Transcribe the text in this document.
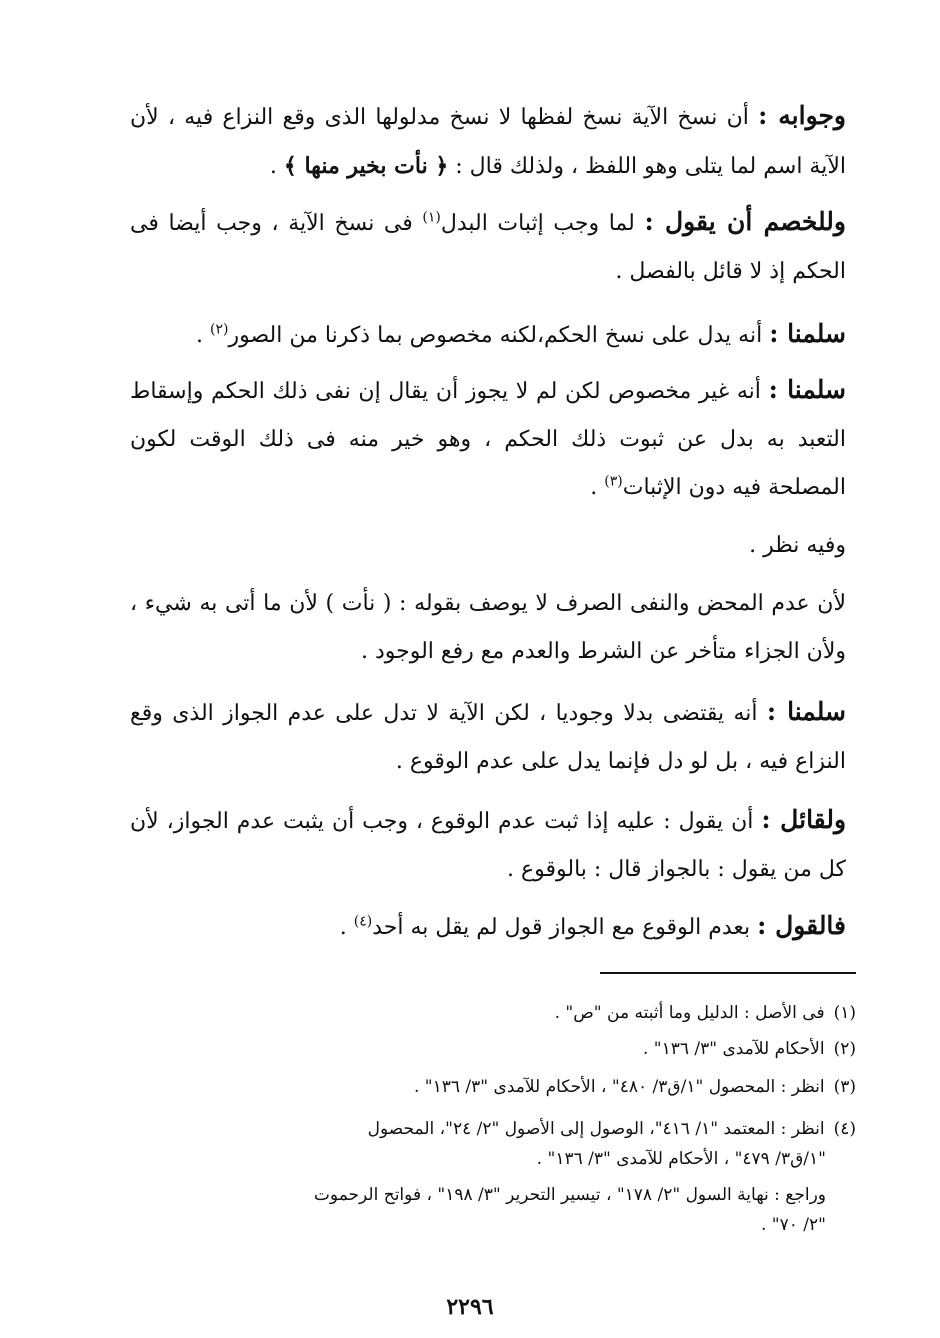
وجوابه : أن نسخ الآية نسخ لفظها لا نسخ مدلولها الذى وقع النزاع فيه ، لأن الآية اسم لما يتلى وهو اللفظ ، ولذلك قال : ﴿ نأت بخير منها ﴾ .

وللخصم أن يقول : لما وجب إثبات البدل$^{(١)}$ فى نسخ الآية ، وجب أيضا فى الحكم إذ لا قائل بالفصل .

سلمنا : أنه يدل على نسخ الحكم،لكنه مخصوص بما ذكرنا من الصور$^{(٢)}$ .

سلمنا : أنه غير مخصوص لكن لم لا يجوز أن يقال إن نفى ذلك الحكم وإسقاط التعبد به بدل عن ثبوت ذلك الحكم ، وهو خير منه فى ذلك الوقت لكون المصلحة فيه دون الإثبات$^{(٣)}$ .

وفيه نظر .

لأن عدم المحض والنفى الصرف لا يوصف بقوله : ( نأت ) لأن ما أتى به شيء ، ولأن الجزاء متأخر عن الشرط والعدم مع رفع الوجود .

سلمنا : أنه يقتضى بدلا وجوديا ، لكن الآية لا تدل على عدم الجواز الذى وقع النزاع فيه ، بل لو دل فإنما يدل على عدم الوقوع .

ولقائل : أن يقول : عليه إذا ثبت عدم الوقوع ، وجب أن يثبت عدم الجواز، لأن كل من يقول : بالجواز قال : بالوقوع .

فالقول : بعدم الوقوع مع الجواز قول لم يقل به أحد$^{(٤)}$ .

(١) فى الأصل : الدليل وما أثبته من "ص" .

(٢) الأحكام للآمدى "٣/ ١٣٦" .

(٣) انظر : المحصول "١/ق٣/ ٤٨٠" ، الأحكام للآمدى "٣/ ١٣٦" .

(٤) انظر : المعتمد "١/ ٤١٦"، الوصول إلى الأصول "٢/ ٢٤"، المحصول
"١/ق٣/ ٤٧٩" ، الأحكام للآمدى "٣/ ١٣٦" .
وراجع : نهاية السول "٢/ ١٧٨" ، تيسير التحرير "٣/ ١٩٨" ، فواتح الرحموت
"٢/ ٧٠" .
٢٢٩٦
